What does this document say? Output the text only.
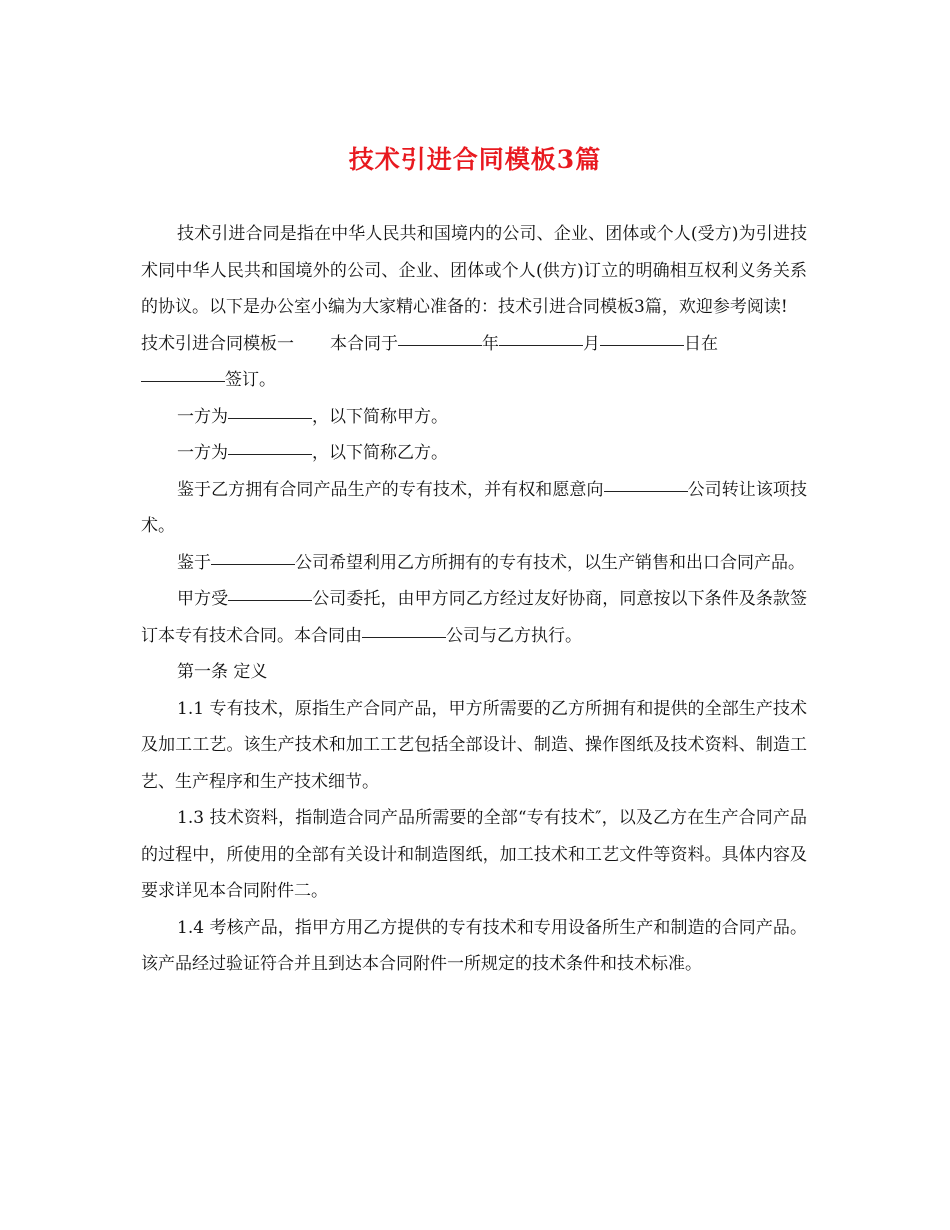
技术引进合同模板3篇

技术引进合同是指在中华人民共和国境内的公司、企业、团体或个人(受方)为引进技术同中华人民共和国境外的公司、企业、团体或个人(供方)订立的明确相互权利义务关系的协议。以下是办公室小编为大家精心准备的：技术引进合同模板3篇，欢迎参考阅读!

技术引进合同模板一 本合同于	年	月	日在
签订。

一方为	，以下简称甲方。

一方为	，以下简称乙方。

鉴于乙方拥有合同产品生产的专有技术，并有权和愿意向	公司转让该项技术。

鉴于	公司希望利用乙方所拥有的专有技术，以生产销售和出口合同产品。

甲方受	公司委托，由甲方同乙方经过友好协商，同意按以下条件及条款签订本专有技术合同。本合同由	公司与乙方执行。

第一条 定义

1.1 专有技术，原指生产合同产品，甲方所需要的乙方所拥有和提供的全部生产技术及加工工艺。该生产技术和加工工艺包括全部设计、制造、操作图纸及技术资料、制造工艺、生产程序和生产技术细节。

1.3 技术资料，指制造合同产品所需要的全部“专有技术″，以及乙方在生产合同产品的过程中，所使用的全部有关设计和制造图纸，加工技术和工艺文件等资料。具体内容及要求详见本合同附件二。

1.4 考核产品，指甲方用乙方提供的专有技术和专用设备所生产和制造的合同产品。该产品经过验证符合并且到达本合同附件一所规定的技术条件和技术标准。
